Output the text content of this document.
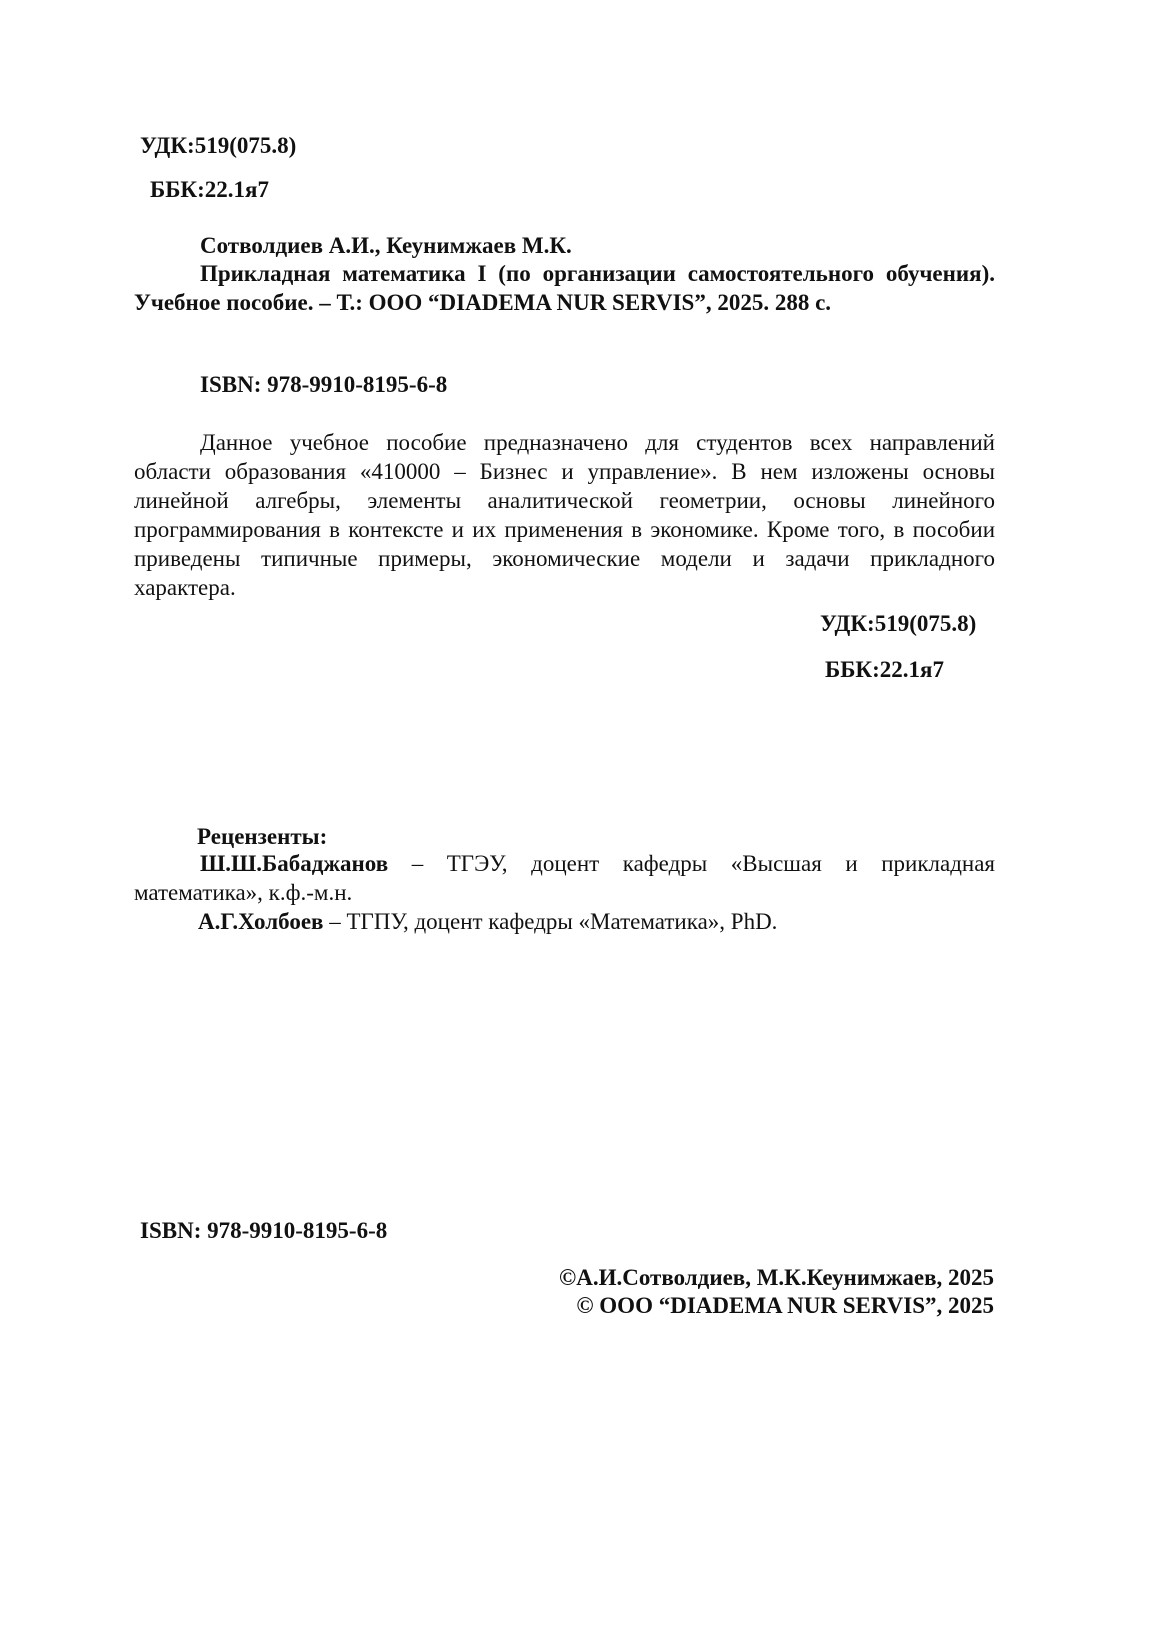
УДК:519(075.8)

ББК:22.1я7

Сотволдиев А.И., Кеунимжаев М.К.

Прикладная математика I (по организации самостоятельного обучения). Учебное пособие. – Т.: ООО “DIADEMA NUR SERVIS”, 2025. 288 с.

ISBN: 978-9910-8195-6-8

Данное учебное пособие предназначено для студентов всех направлений области образования «410000 – Бизнес и управление». В нем изложены основы линейной алгебры, элементы аналитической геометрии, основы линейного программирования в контексте и их применения в экономике. Кроме того, в пособии приведены типичные примеры, экономические модели и задачи прикладного характера.

УДК:519(075.8)

ББК:22.1я7

Рецензенты:

Ш.Ш.Бабаджанов – ТГЭУ, доцент кафедры «Высшая и прикладная математика», к.ф.-м.н.

А.Г.Холбоев – ТГПУ, доцент кафедры «Математика», PhD.

ISBN: 978-9910-8195-6-8

©А.И.Сотволдиев, М.К.Кеунимжаев, 2025

© ООО “DIADEMA NUR SERVIS”, 2025
